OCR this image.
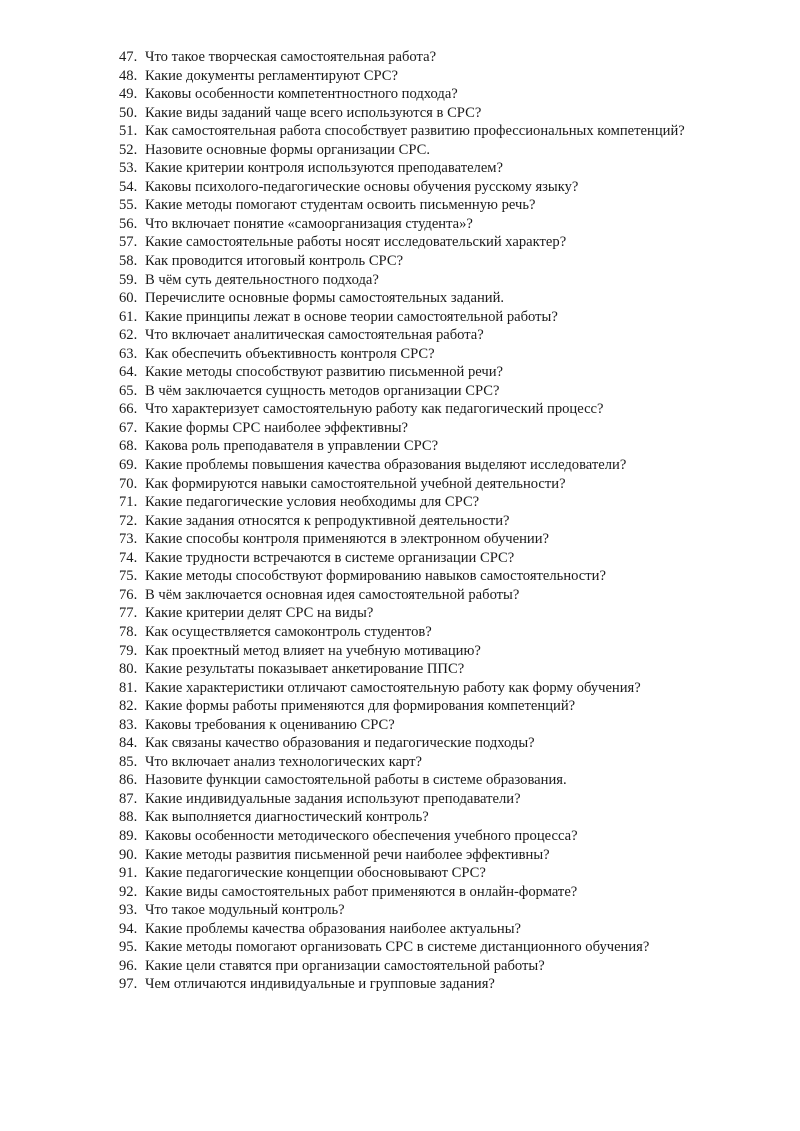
47. Что такое творческая самостоятельная работа?
48. Какие документы регламентируют СРС?
49. Каковы особенности компетентностного подхода?
50. Какие виды заданий чаще всего используются в СРС?
51. Как самостоятельная работа способствует развитию профессиональных компетенций?
52. Назовите основные формы организации СРС.
53. Какие критерии контроля используются преподавателем?
54. Каковы психолого-педагогические основы обучения русскому языку?
55. Какие методы помогают студентам освоить письменную речь?
56. Что включает понятие «самоорганизация студента»?
57. Какие самостоятельные работы носят исследовательский характер?
58. Как проводится итоговый контроль СРС?
59. В чём суть деятельностного подхода?
60. Перечислите основные формы самостоятельных заданий.
61. Какие принципы лежат в основе теории самостоятельной работы?
62. Что включает аналитическая самостоятельная работа?
63. Как обеспечить объективность контроля СРС?
64. Какие методы способствуют развитию письменной речи?
65. В чём заключается сущность методов организации СРС?
66. Что характеризует самостоятельную работу как педагогический процесс?
67. Какие формы СРС наиболее эффективны?
68. Какова роль преподавателя в управлении СРС?
69. Какие проблемы повышения качества образования выделяют исследователи?
70. Как формируются навыки самостоятельной учебной деятельности?
71. Какие педагогические условия необходимы для СРС?
72. Какие задания относятся к репродуктивной деятельности?
73. Какие способы контроля применяются в электронном обучении?
74. Какие трудности встречаются в системе организации СРС?
75. Какие методы способствуют формированию навыков самостоятельности?
76. В чём заключается основная идея самостоятельной работы?
77. Какие критерии делят СРС на виды?
78. Как осуществляется самоконтроль студентов?
79. Как проектный метод влияет на учебную мотивацию?
80. Какие результаты показывает анкетирование ППС?
81. Какие характеристики отличают самостоятельную работу как форму обучения?
82. Какие формы работы применяются для формирования компетенций?
83. Каковы требования к оцениванию СРС?
84. Как связаны качество образования и педагогические подходы?
85. Что включает анализ технологических карт?
86. Назовите функции самостоятельной работы в системе образования.
87. Какие индивидуальные задания используют преподаватели?
88. Как выполняется диагностический контроль?
89. Каковы особенности методического обеспечения учебного процесса?
90. Какие методы развития письменной речи наиболее эффективны?
91. Какие педагогические концепции обосновывают СРС?
92. Какие виды самостоятельных работ применяются в онлайн-формате?
93. Что такое модульный контроль?
94. Какие проблемы качества образования наиболее актуальны?
95. Какие методы помогают организовать СРС в системе дистанционного обучения?
96. Какие цели ставятся при организации самостоятельной работы?
97. Чем отличаются индивидуальные и групповые задания?
